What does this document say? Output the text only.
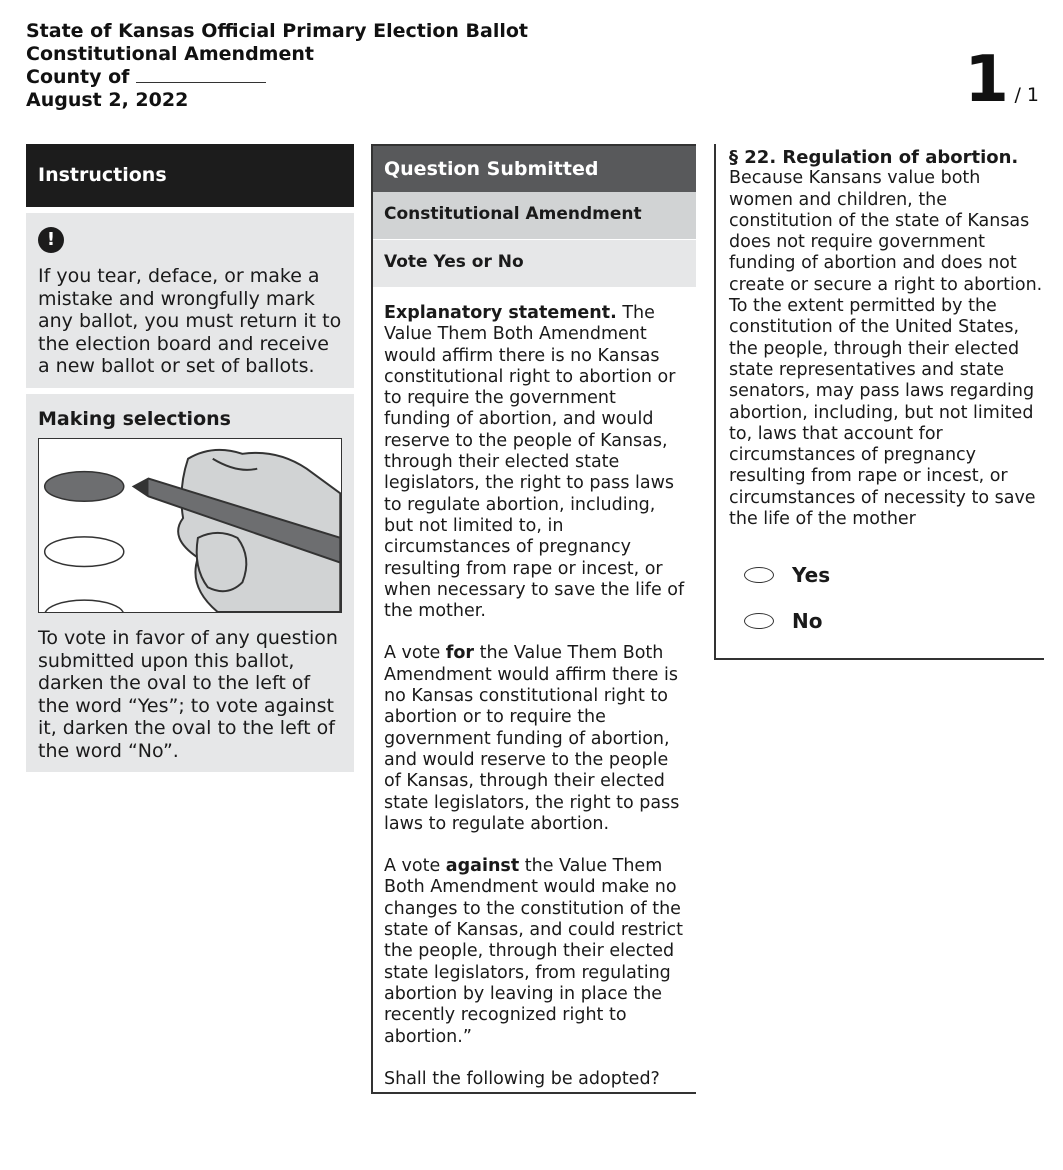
State of Kansas Official Primary Election Ballot
Constitutional Amendment
County of
August 2, 2022	1 / 1
Instructions
!
If you tear, deface, or make a mistake and wrongfully mark any ballot, you must return it to the election board and receive a new ballot or set of ballots.
Making selections
To vote in favor of any question submitted upon this ballot, darken the oval to the left of the word “Yes”; to vote against it, darken the oval to the left of the word “No”.
Question Submitted
Constitutional Amendment
Vote Yes or No

Explanatory statement. The Value Them Both Amendment would affirm there is no Kansas constitutional right to abortion or to require the government funding of abortion, and would reserve to the people of Kansas, through their elected state legislators, the right to pass laws to regulate abortion, including, but not limited to, in circumstances of pregnancy resulting from rape or incest, or when necessary to save the life of the mother.

A vote for the Value Them Both Amendment would affirm there is no Kansas constitutional right to abortion or to require the government funding of abortion, and would reserve to the people of Kansas, through their elected state legislators, the right to pass laws to regulate abortion.

A vote against the Value Them Both Amendment would make no changes to the constitution of the state of Kansas, and could restrict the people, through their elected state legislators, from regulating abortion by leaving in place the recently recognized right to abortion.”

Shall the following be adopted?

§ 22. Regulation of abortion.
Because Kansans value both women and children, the constitution of the state of Kansas does not require government funding of abortion and does not create or secure a right to abortion. To the extent permitted by the constitution of the United States, the people, through their elected state representatives and state senators, may pass laws regarding abortion, including, but not limited to, laws that account for circumstances of pregnancy resulting from rape or incest, or circumstances of necessity to save the life of the mother
Yes
No
